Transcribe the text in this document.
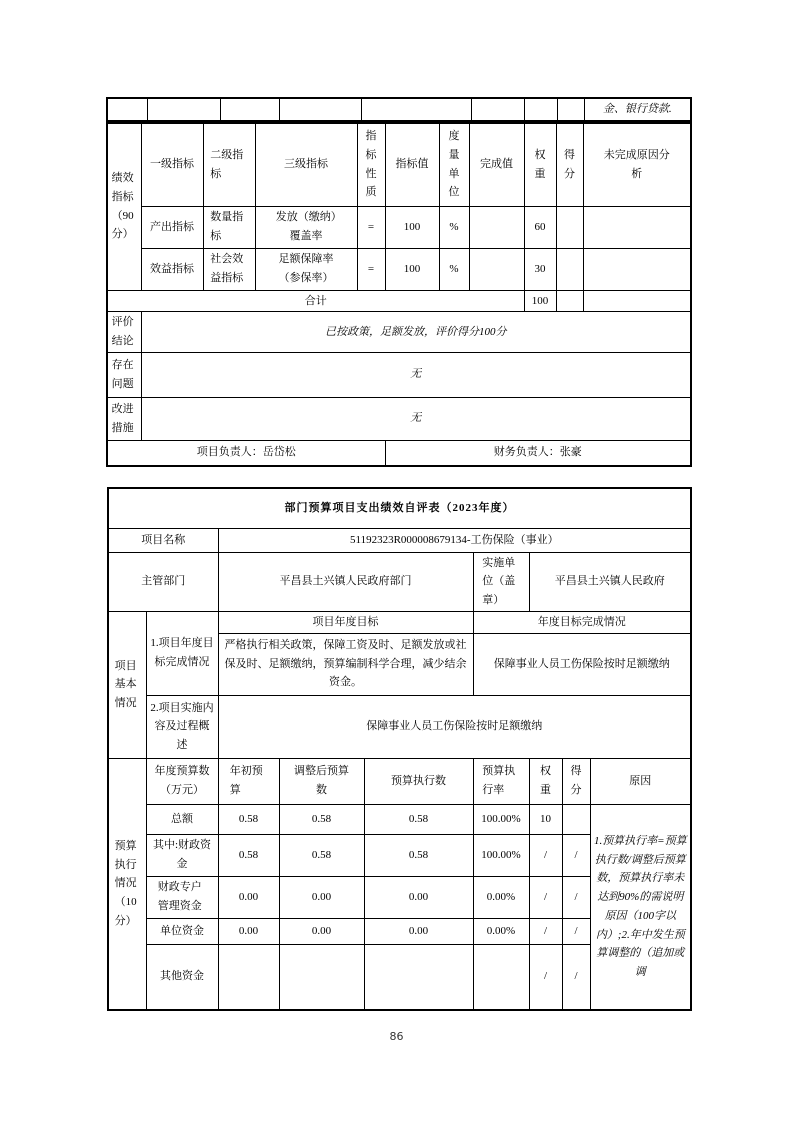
								金、银行贷款.
绩效指标（90分）	一级指标	二级指标	三级指标	指标性质	指标值	度量单位	完成值	权重	得分	未完成原因分析
	产出指标	数量指标	发放（缴纳）覆盖率	=	100	%		60		
	效益指标	社会效益指标	足额保障率（参保率）	=	100	%		30		
合计								100		
评价结论	已按政策，足额发放，评价得分100分									
存在问题	无									
改进措施	无									
项目负责人：岳岱松					财务负责人：张豪					
部门预算项目支出绩效自评表（2023年度）								
项目名称		51192323R000008679134-工伤保险（事业）						
主管部门		平昌县土兴镇人民政府部门			实施单位（盖章）	平昌县土兴镇人民政府		
项目基本情况	1.项目年度目标完成情况	项目年度目标			年度目标完成情况			
		严格执行相关政策，保障工资及时、足额发放或社保及时、足额缴纳，预算编制科学合理，减少结余资金。			保障事业人员工伤保险按时足额缴纳			
	2.项目实施内容及过程概述	保障事业人员工伤保险按时足额缴纳						
预算执行情况（10分）	年度预算数（万元）	年初预算	调整后预算数	预算执行数	预算执行率	权重	得分	原因
	总额	0.58	0.58	0.58	100.00%	10		1.预算执行率=预算执行数/调整后预算数，预算执行率未达到90%的需说明原因（100字以内）;2.年中发生预算调整的（追加或调
	其中:财政资金	0.58	0.58	0.58	100.00%	/	/	
	财政专户管理资金	0.00	0.00	0.00	0.00%	/	/	
	单位资金	0.00	0.00	0.00	0.00%	/	/	
	其他资金					/	/	
86
